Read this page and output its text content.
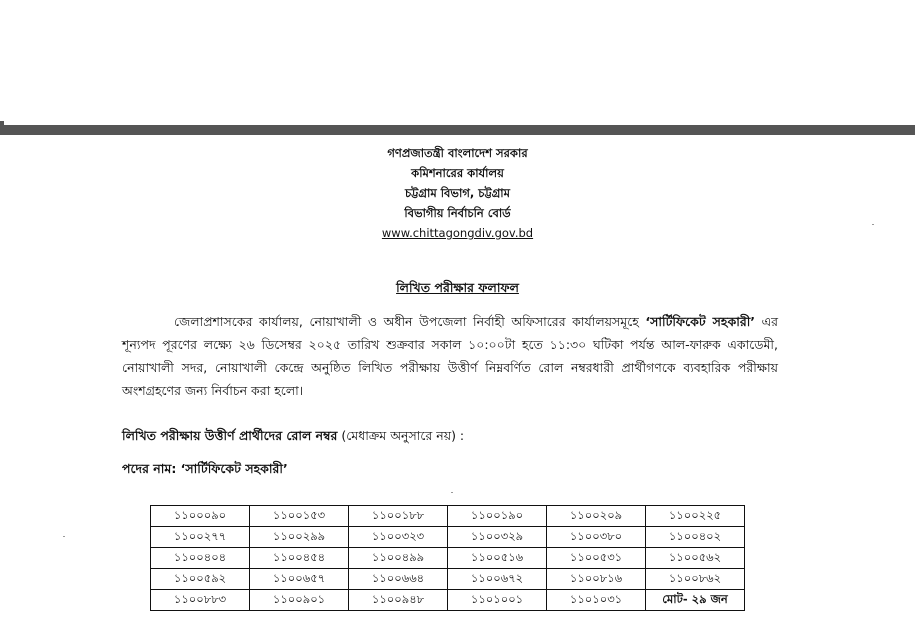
গণপ্রজাতন্ত্রী বাংলাদেশ সরকার
কমিশনারের কার্যালয়
চট্টগ্রাম বিভাগ, চট্টগ্রাম
বিভাগীয় নির্বাচনি বোর্ড
www.chittagongdiv.gov.bd
লিখিত পরীক্ষার ফলাফল
জেলাপ্রশাসকের কার্যালয়, নোয়াখালী ও অধীন উপজেলা নির্বাহী অফিসারের কার্যালয়সমূহে ‘সার্টিফিকেট সহকারী’ এর শূন্যপদ পূরণের লক্ষ্যে ২৬ ডিসেম্বর ২০২৫ তারিখ শুক্রবার সকাল ১০:০০টা হতে ১১:৩০ ঘটিকা পর্যন্ত আল-ফারুক একাডেমী, নোয়াখালী সদর, নোয়াখালী কেন্দ্রে অনুষ্ঠিত লিখিত পরীক্ষায় উত্তীর্ণ নিম্নবর্ণিত রোল নম্বরধারী প্রার্থীগণকে ব্যবহারিক পরীক্ষায় অংশগ্রহণের জন্য নির্বাচন করা হলো।
লিখিত পরীক্ষায় উত্তীর্ণ প্রার্থীদের রোল নম্বর (মেধাক্রম অনুসারে নয়) :
পদের নাম: ‘সার্টিফিকেট সহকারী’
১১০০০৯০	১১০০১৫৩	১১০০১৮৮	১১০০১৯০	১১০০২০৯	১১০০২২৫
১১০০২৭৭	১১০০২৯৯	১১০০৩২৩	১১০০৩২৯	১১০০৩৮০	১১০০৪০২
১১০০৪০৪	১১০০৪৫৪	১১০০৪৯৯	১১০০৫১৬	১১০০৫৩১	১১০০৫৬২
১১০০৫৯২	১১০০৬৫৭	১১০০৬৬৪	১১০০৬৭২	১১০০৮১৬	১১০০৮৬২
১১০০৮৮৩	১১০০৯০১	১১০০৯৪৮	১১০১০০১	১১০১০৩১	মোট- ২৯ জন
